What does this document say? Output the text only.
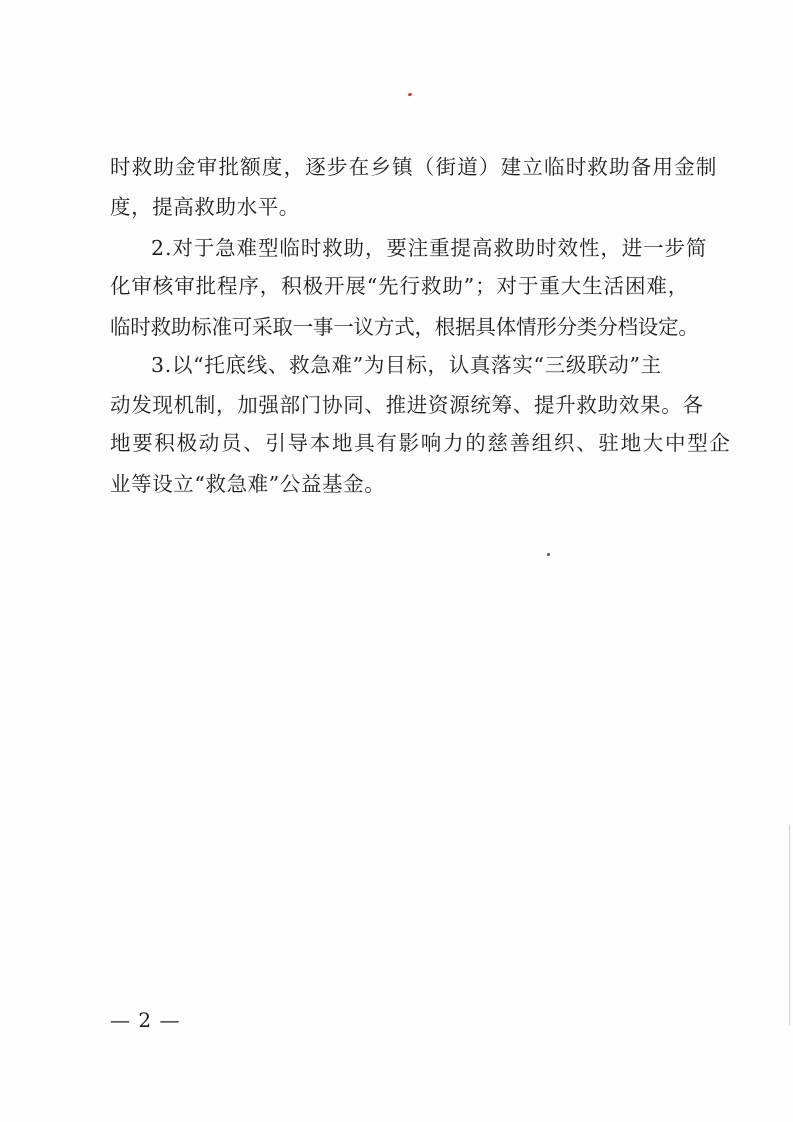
时救助金审批额度，逐步在乡镇（街道）建立临时救助备用金制
度，提高救助水平。
2.对于急难型临时救助，要注重提高救助时效性，进一步简
化审核审批程序，积极开展“先行救助”；对于重大生活困难，
临时救助标准可采取一事一议方式，根据具体情形分类分档设定。
3.以“托底线、救急难”为目标，认真落实“三级联动”主
动发现机制，加强部门协同、推进资源统筹、提升救助效果。各
地要积极动员、引导本地具有影响力的慈善组织、驻地大中型企
业等设立“救急难”公益基金。
— 2 —
